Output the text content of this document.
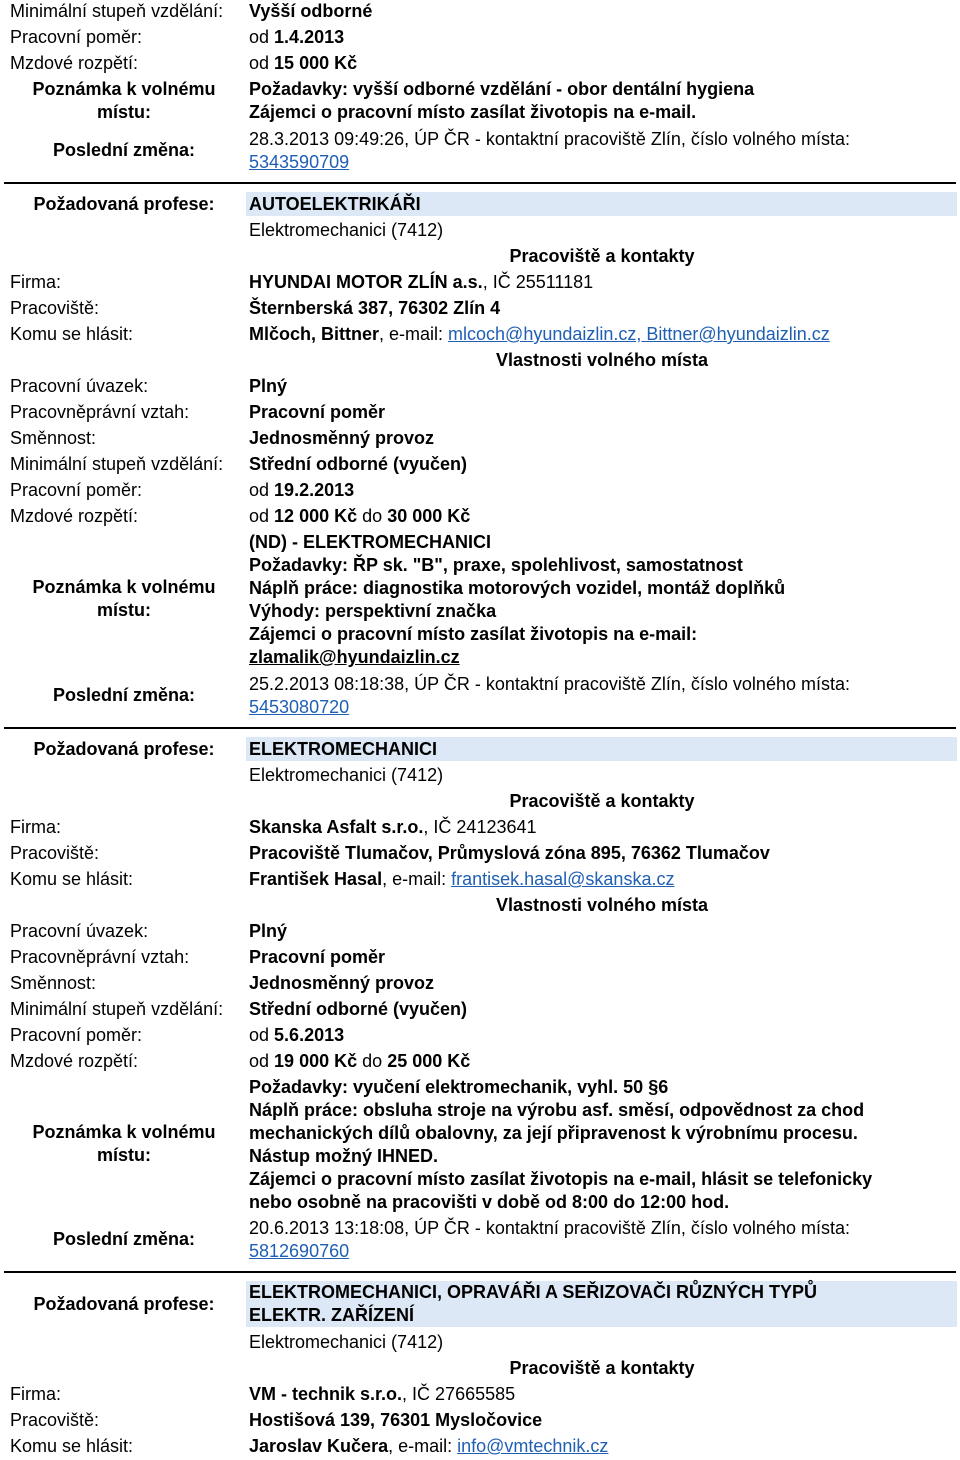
Minimální stupeň vzdělání: Vyšší odborné
Pracovní poměr:	od 1.4.2013
Mzdové rozpětí:	od 15 000 Kč
Poznámka k volnému
místu:
Požadavky: vyšší odborné vzdělání - obor dentální hygiena
Zájemci o pracovní místo zasílat životopis na e-mail.
Poslední změna:
28.3.2013 09:49:26, ÚP ČR - kontaktní pracoviště Zlín, číslo volného místa:
5343590709
Požadovaná profese:	AUTOELEKTRIKÁŘI
Elektromechanici (7412)
Pracoviště a kontakty
Firma:	HYUNDAI MOTOR ZLÍN a.s., IČ 25511181
Pracoviště:	Šternberská 387, 76302 Zlín 4
Komu se hlásit:	Mlčoch, Bittner, e-mail: mlcoch@hyundaizlin.cz, Bittner@hyundaizlin.cz
Vlastnosti volného místa
Pracovní úvazek:	Plný
Pracovněprávní vztah:	Pracovní poměr
Směnnost:	Jednosměnný provoz
Minimální stupeň vzdělání: Střední odborné (vyučen)
Pracovní poměr:	od 19.2.2013
Mzdové rozpětí:	od 12 000 Kč do 30 000 Kč
Poznámka k volnému
místu:
(ND) - ELEKTROMECHANICI
Požadavky: ŘP sk. "B", praxe, spolehlivost, samostatnost
Náplň práce: diagnostika motorových vozidel, montáž doplňků
Výhody: perspektivní značka
Zájemci o pracovní místo zasílat životopis na e-mail:
zlamalik@hyundaizlin.cz
Poslední změna:
25.2.2013 08:18:38, ÚP ČR - kontaktní pracoviště Zlín, číslo volného místa:
5453080720
Požadovaná profese:	ELEKTROMECHANICI
Elektromechanici (7412)
Pracoviště a kontakty
Firma:	Skanska Asfalt s.r.o., IČ 24123641
Pracoviště:	Pracoviště Tlumačov, Průmyslová zóna 895, 76362 Tlumačov
Komu se hlásit:	František Hasal, e-mail: frantisek.hasal@skanska.cz
Vlastnosti volného místa
Pracovní úvazek:	Plný
Pracovněprávní vztah:	Pracovní poměr
Směnnost:	Jednosměnný provoz
Minimální stupeň vzdělání: Střední odborné (vyučen)
Pracovní poměr:	od 5.6.2013
Mzdové rozpětí:	od 19 000 Kč do 25 000 Kč
Poznámka k volnému
místu:
Požadavky: vyučení elektromechanik, vyhl. 50 §6
Náplň práce: obsluha stroje na výrobu asf. směsí, odpovědnost za chod
mechanických dílů obalovny, za její připravenost k výrobnímu procesu.
Nástup možný IHNED.
Zájemci o pracovní místo zasílat životopis na e-mail, hlásit se telefonicky
nebo osobně na pracovišti v době od 8:00 do 12:00 hod.
Poslední změna:
20.6.2013 13:18:08, ÚP ČR - kontaktní pracoviště Zlín, číslo volného místa:
5812690760
Požadovaná profese:
ELEKTROMECHANICI, OPRAVÁŘI A SEŘIZOVAČI RŮZNÝCH TYPŮ
ELEKTR. ZAŘÍZENÍ
Elektromechanici (7412)
Pracoviště a kontakty
Firma:	VM - technik s.r.o., IČ 27665585
Pracoviště:	Hostišová 139, 76301 Mysločovice
Komu se hlásit:	Jaroslav Kučera, e-mail: info@vmtechnik.cz
